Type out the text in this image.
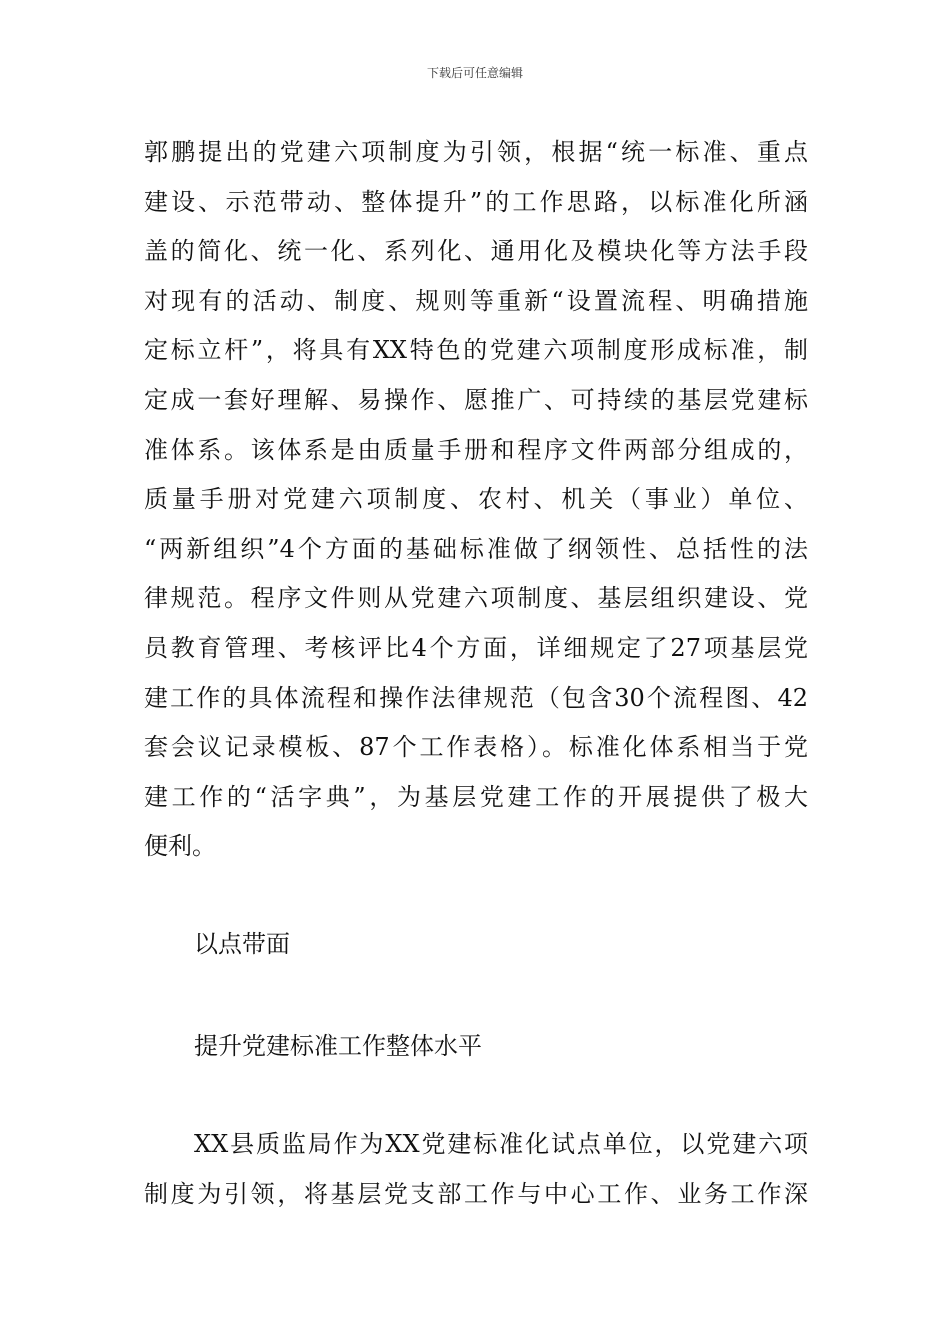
下载后可任意编辑
郭鹏提出的党建六项制度为引领，根据“统一标准、重点
建设、示范带动、整体提升”的工作思路，以标准化所涵
盖的简化、统一化、系列化、通用化及模块化等方法手段
对现有的活动、制度、规则等重新“设置流程、明确措施
定标立杆”，将具有XX特色的党建六项制度形成标准，制
定成一套好理解、易操作、愿推广、可持续的基层党建标
准体系。该体系是由质量手册和程序文件两部分组成的，
质量手册对党建六项制度、农村、机关（事业）单位、
“两新组织”4个方面的基础标准做了纲领性、总括性的法
律规范。程序文件则从党建六项制度、基层组织建设、党
员教育管理、考核评比4个方面，详细规定了27项基层党
建工作的具体流程和操作法律规范（包含30个流程图、42
套会议记录模板、87个工作表格）。标准化体系相当于党
建工作的“活字典”，为基层党建工作的开展提供了极大
便利。
以点带面
提升党建标准工作整体水平
XX县质监局作为XX党建标准化试点单位，以党建六项
制度为引领，将基层党支部工作与中心工作、业务工作深
